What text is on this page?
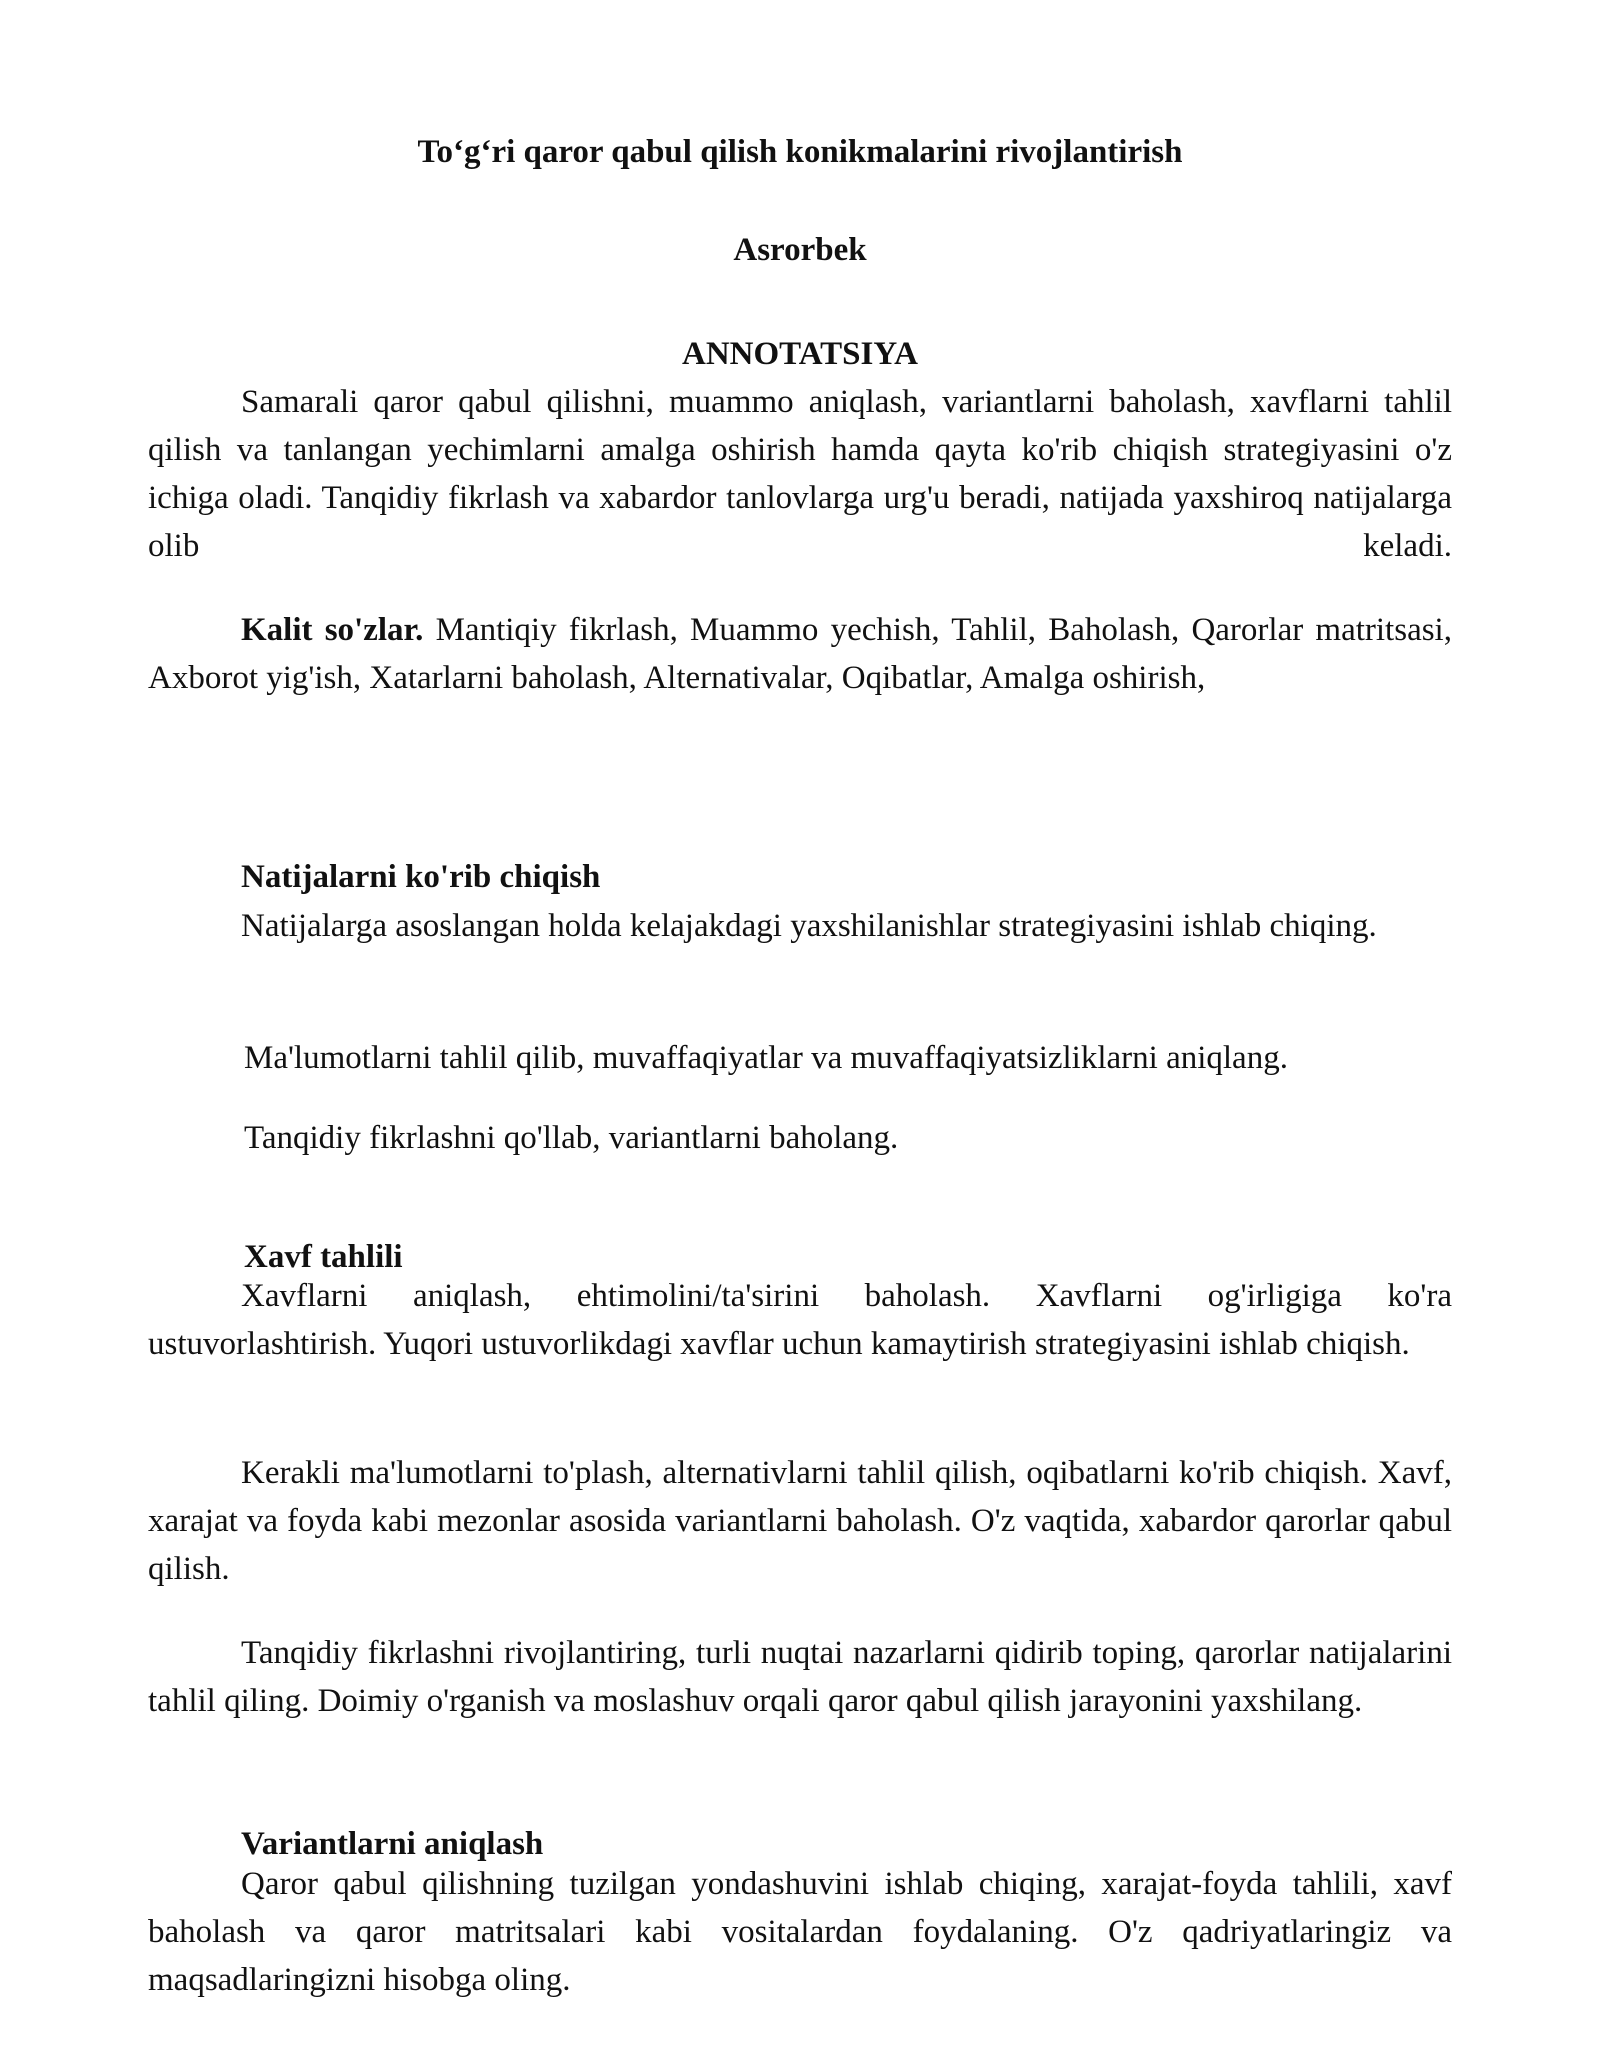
To‘g‘ri qaror qabul qilish konikmalarini rivojlantirish

Asrorbek

ANNOTATSIYA

Samarali qaror qabul qilishni, muammo aniqlash, variantlarni baholash, xavflarni tahlil qilish va tanlangan yechimlarni amalga oshirish hamda qayta ko'rib chiqish strategiyasini o'z ichiga oladi. Tanqidiy fikrlash va xabardor tanlovlarga urg'u beradi, natijada yaxshiroq natijalarga olib keladi.

Kalit so'zlar. Mantiqiy fikrlash, Muammo yechish, Tahlil, Baholash, Qarorlar matritsasi, Axborot yig'ish, Xatarlarni baholash, Alternativalar, Oqibatlar, Amalga oshirish,

Natijalarni ko'rib chiqish

Natijalarga asoslangan holda kelajakdagi yaxshilanishlar strategiyasini ishlab chiqing.

Ma'lumotlarni tahlil qilib, muvaffaqiyatlar va muvaffaqiyatsizliklarni aniqlang.

Tanqidiy fikrlashni qo'llab, variantlarni baholang.

Xavf tahlili

Xavflarni aniqlash, ehtimolini/ta'sirini baholash. Xavflarni og'irligiga ko'ra ustuvorlashtirish. Yuqori ustuvorlikdagi xavflar uchun kamaytirish strategiyasini ishlab chiqish.

Kerakli ma'lumotlarni to'plash, alternativlarni tahlil qilish, oqibatlarni ko'rib chiqish. Xavf, xarajat va foyda kabi mezonlar asosida variantlarni baholash. O'z vaqtida, xabardor qarorlar qabul qilish.

Tanqidiy fikrlashni rivojlantiring, turli nuqtai nazarlarni qidirib toping, qarorlar natijalarini tahlil qiling. Doimiy o'rganish va moslashuv orqali qaror qabul qilish jarayonini yaxshilang.

Variantlarni aniqlash

Qaror qabul qilishning tuzilgan yondashuvini ishlab chiqing, xarajat-foyda tahlili, xavf baholash va qaror matritsalari kabi vositalardan foydalaning. O'z qadriyatlaringiz va maqsadlaringizni hisobga oling.
